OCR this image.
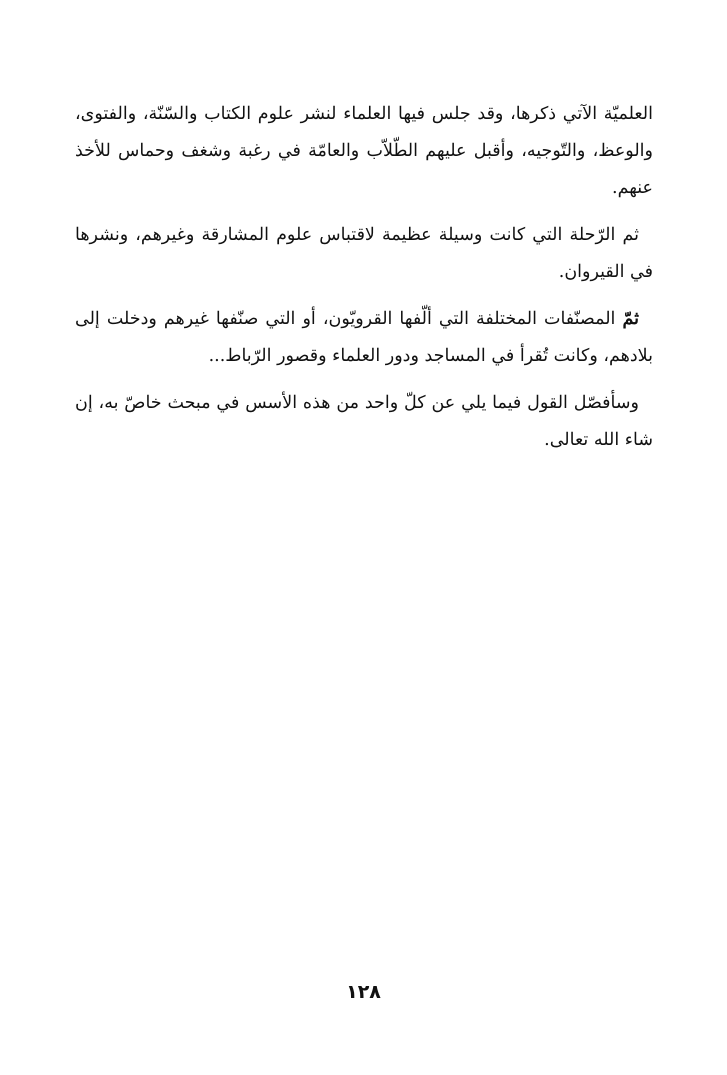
العلميّة الآتي ذكرها، وقد جلس فيها العلماء لنشر علوم الكتاب والسّنّة، والفتوى، والوعظ، والتّوجيه، وأقبل عليهم الطّلاّب والعامّة في رغبة وشغف وحماس للأخذ عنهم.

ثم الرّحلة التي كانت وسيلة عظيمة لاقتباس علوم المشارقة وغيرهم، ونشرها في القيروان.

ثمّ المصنّفات المختلفة التي ألّفها القرويّون، أو التي صنّفها غيرهم ودخلت إلى بلادهم، وكانت تُقرأ في المساجد ودور العلماء وقصور الرّباط...

وسأفصّل القول فيما يلي عن كلّ واحد من هذه الأسس في مبحث خاصّ به، إن شاء الله تعالى.

١٢٨
